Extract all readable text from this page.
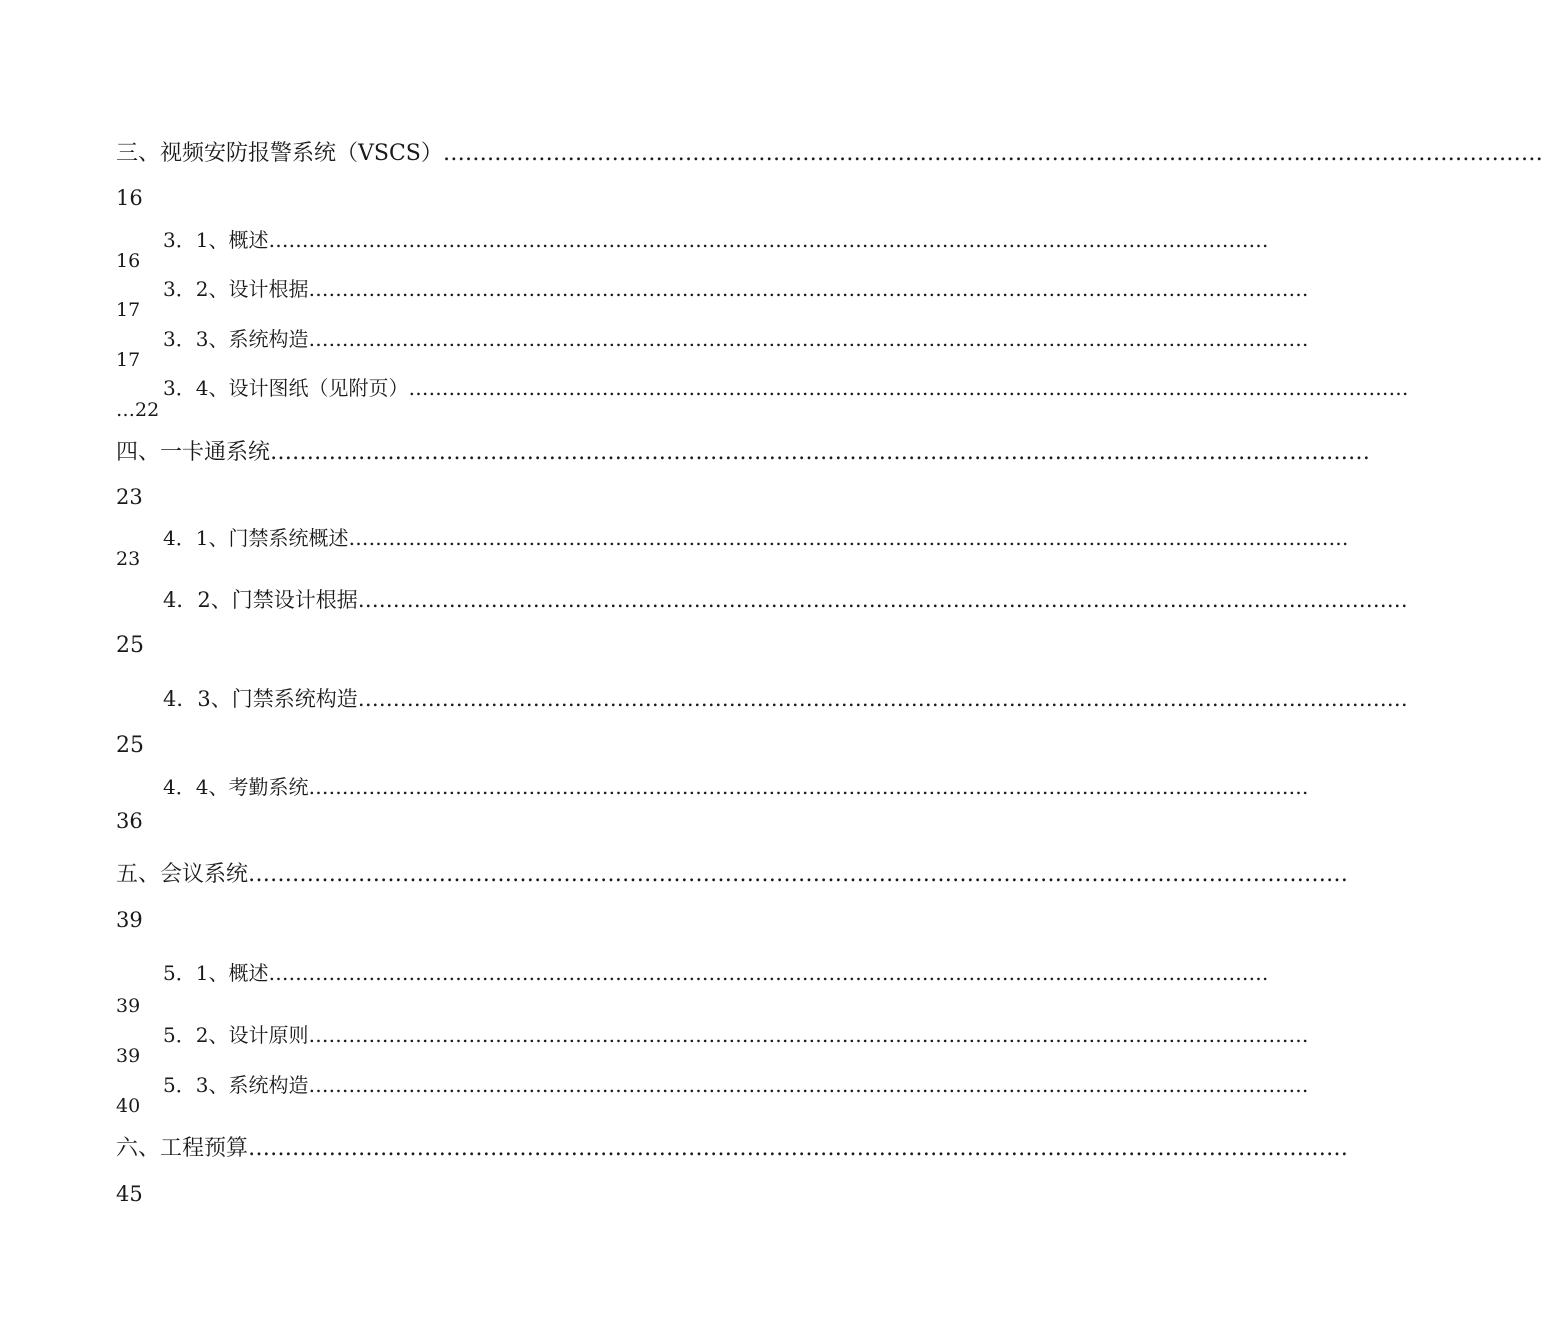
三、视频安防报警系统（VSCS） ……………………………………………………………………………………………………………………………………
16
3．1、概述 ……………………………………………………………………………………………………………………………………
16
3．2、设计根据 ……………………………………………………………………………………………………………………………………
17
3．3、系统构造 ……………………………………………………………………………………………………………………………………
17
3．4、设计图纸（见附页） ……………………………………………………………………………………………………………………………………
…22
四、一卡通系统 ……………………………………………………………………………………………………………………………………
23
4．1、门禁系统概述 ……………………………………………………………………………………………………………………………………
23
4．2、门禁设计根据 ……………………………………………………………………………………………………………………………………
25
4．3、门禁系统构造 ……………………………………………………………………………………………………………………………………
25
4．4、考勤系统 ……………………………………………………………………………………………………………………………………
36
五、会议系统 ……………………………………………………………………………………………………………………………………
39
5．1、概述 ……………………………………………………………………………………………………………………………………
39
5．2、设计原则 ……………………………………………………………………………………………………………………………………
39
5．3、系统构造 ……………………………………………………………………………………………………………………………………
40
六、工程预算 ……………………………………………………………………………………………………………………………………
45
